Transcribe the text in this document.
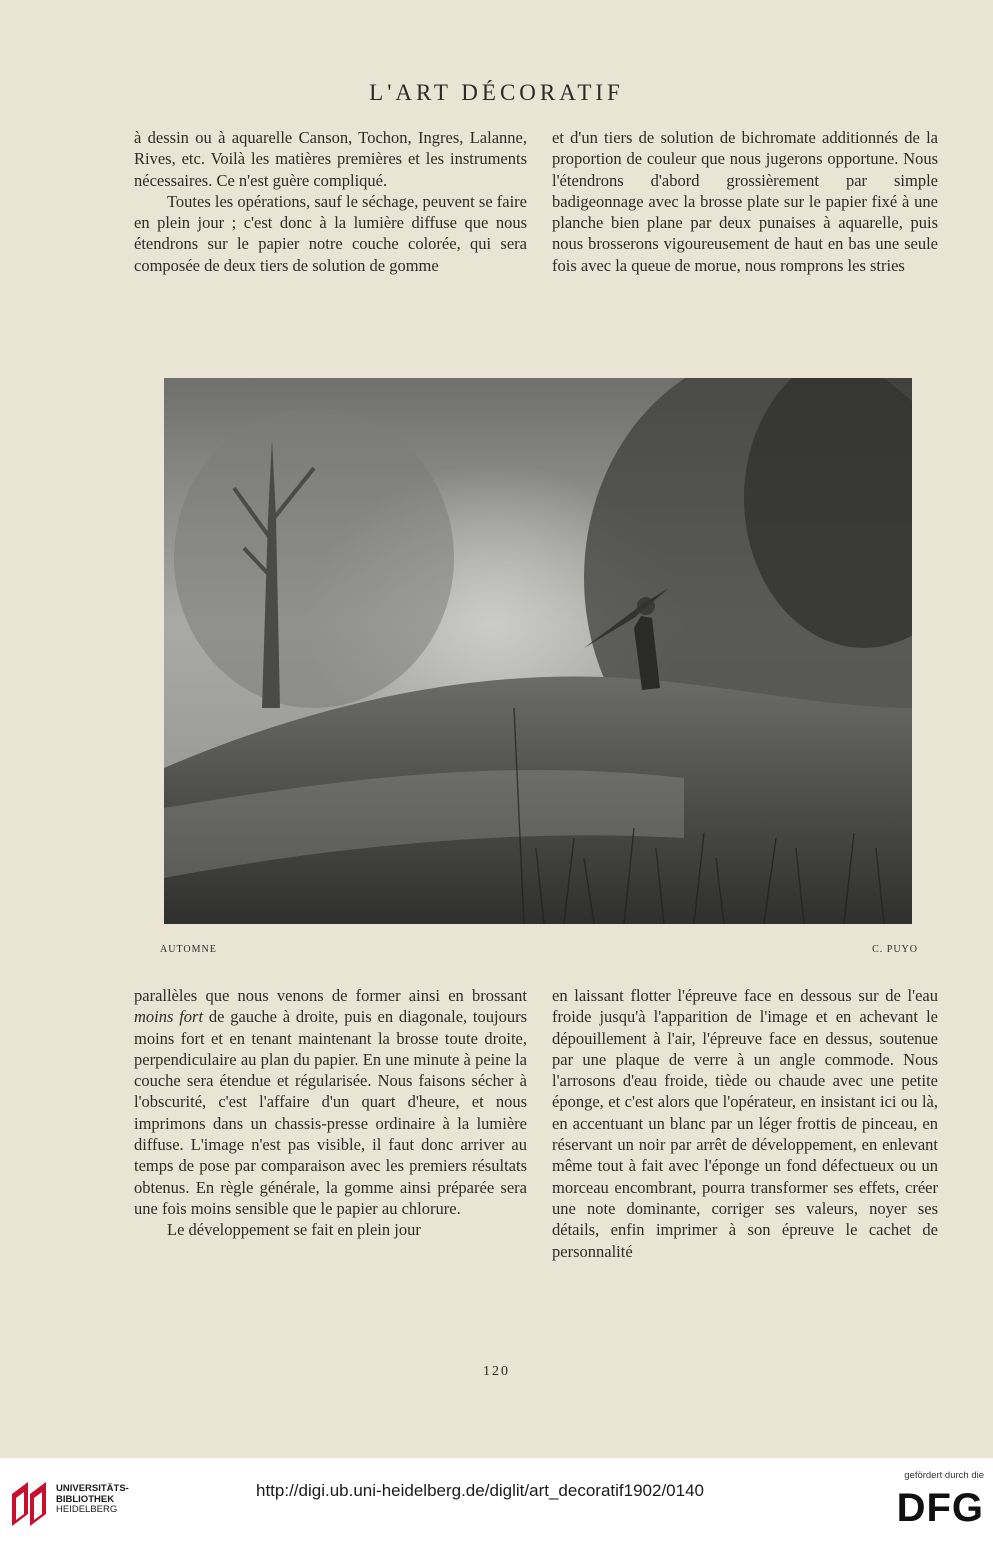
L'ART DÉCORATIF

à dessin ou à aquarelle Canson, Tochon, Ingres, Lalanne, Rives, etc. Voilà les matières premières et les instruments nécessaires. Ce n'est guère compliqué.

Toutes les opérations, sauf le séchage, peuvent se faire en plein jour ; c'est donc à la lumière diffuse que nous étendrons sur le papier notre couche colorée, qui sera composée de deux tiers de solution de gomme

et d'un tiers de solution de bichromate additionnés de la proportion de couleur que nous jugerons opportune. Nous l'étendrons d'abord grossièrement par simple badigeonnage avec la brosse plate sur le papier fixé à une planche bien plane par deux punaises à aquarelle, puis nous brosserons vigoureusement de haut en bas une seule fois avec la queue de morue, nous romprons les stries

AUTOMNE	C. PUYO

parallèles que nous venons de former ainsi en brossant moins fort de gauche à droite, puis en diagonale, toujours moins fort et en tenant maintenant la brosse toute droite, perpendiculaire au plan du papier. En une minute à peine la couche sera étendue et régularisée. Nous faisons sécher à l'obscurité, c'est l'affaire d'un quart d'heure, et nous imprimons dans un chassis-presse ordinaire à la lumière diffuse. L'image n'est pas visible, il faut donc arriver au temps de pose par comparaison avec les premiers résultats obtenus. En règle générale, la gomme ainsi préparée sera une fois moins sensible que le papier au chlorure.

Le développement se fait en plein jour

en laissant flotter l'épreuve face en dessous sur de l'eau froide jusqu'à l'apparition de l'image et en achevant le dépouillement à l'air, l'épreuve face en dessus, soutenue par une plaque de verre à un angle commode. Nous l'arrosons d'eau froide, tiède ou chaude avec une petite éponge, et c'est alors que l'opérateur, en insistant ici ou là, en accentuant un blanc par un léger frottis de pinceau, en réservant un noir par arrêt de développement, en enlevant même tout à fait avec l'éponge un fond défectueux ou un morceau encombrant, pourra transformer ses effets, créer une note dominante, corriger ses valeurs, noyer ses détails, enfin imprimer à son épreuve le cachet de personnalité

120
UNIVERSITÄTS-
BIBLIOTHEK
HEIDELBERG
http://digi.ub.uni-heidelberg.de/diglit/art_decoratif1902/0140
gefördert durch die
DFG
